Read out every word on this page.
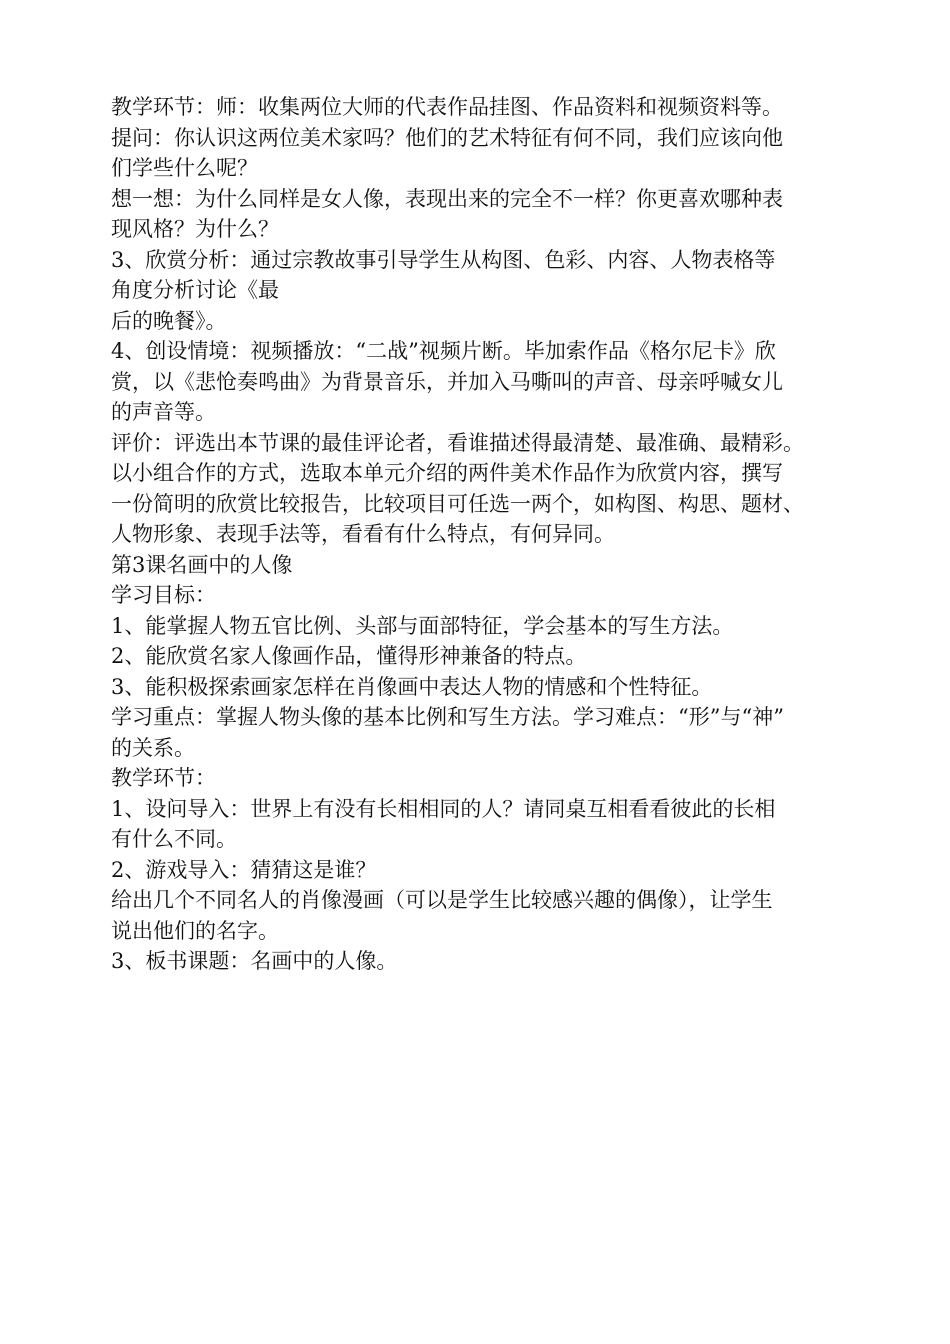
教学环节：师：收集两位大师的代表作品挂图、作品资料和视频资料等。
提问：你认识这两位美术家吗？他们的艺术特征有何不同，我们应该向他
们学些什么呢？
想一想：为什么同样是女人像，表现出来的完全不一样？你更喜欢哪种表
现风格？为什么？
3、欣赏分析：通过宗教故事引导学生从构图、色彩、内容、人物表格等
角度分析讨论《最
后的晚餐》。
4、创设情境：视频播放：“二战”视频片断。毕加索作品《格尔尼卡》欣
赏，以《悲怆奏鸣曲》为背景音乐，并加入马嘶叫的声音、母亲呼喊女儿
的声音等。
评价：评选出本节课的最佳评论者，看谁描述得最清楚、最准确、最精彩。
以小组合作的方式，选取本单元介绍的两件美术作品作为欣赏内容，撰写
一份简明的欣赏比较报告，比较项目可任选一两个，如构图、构思、题材、
人物形象、表现手法等，看看有什么特点，有何异同。
第3课名画中的人像
学习目标：
1、能掌握人物五官比例、头部与面部特征，学会基本的写生方法。
2、能欣赏名家人像画作品，懂得形神兼备的特点。
3、能积极探索画家怎样在肖像画中表达人物的情感和个性特征。
学习重点：掌握人物头像的基本比例和写生方法。学习难点：“形”与“神”
的关系。
教学环节：
1、设问导入：世界上有没有长相相同的人？请同桌互相看看彼此的长相
有什么不同。
2、游戏导入：猜猜这是谁？
给出几个不同名人的肖像漫画（可以是学生比较感兴趣的偶像），让学生
说出他们的名字。
3、板书课题：名画中的人像。
